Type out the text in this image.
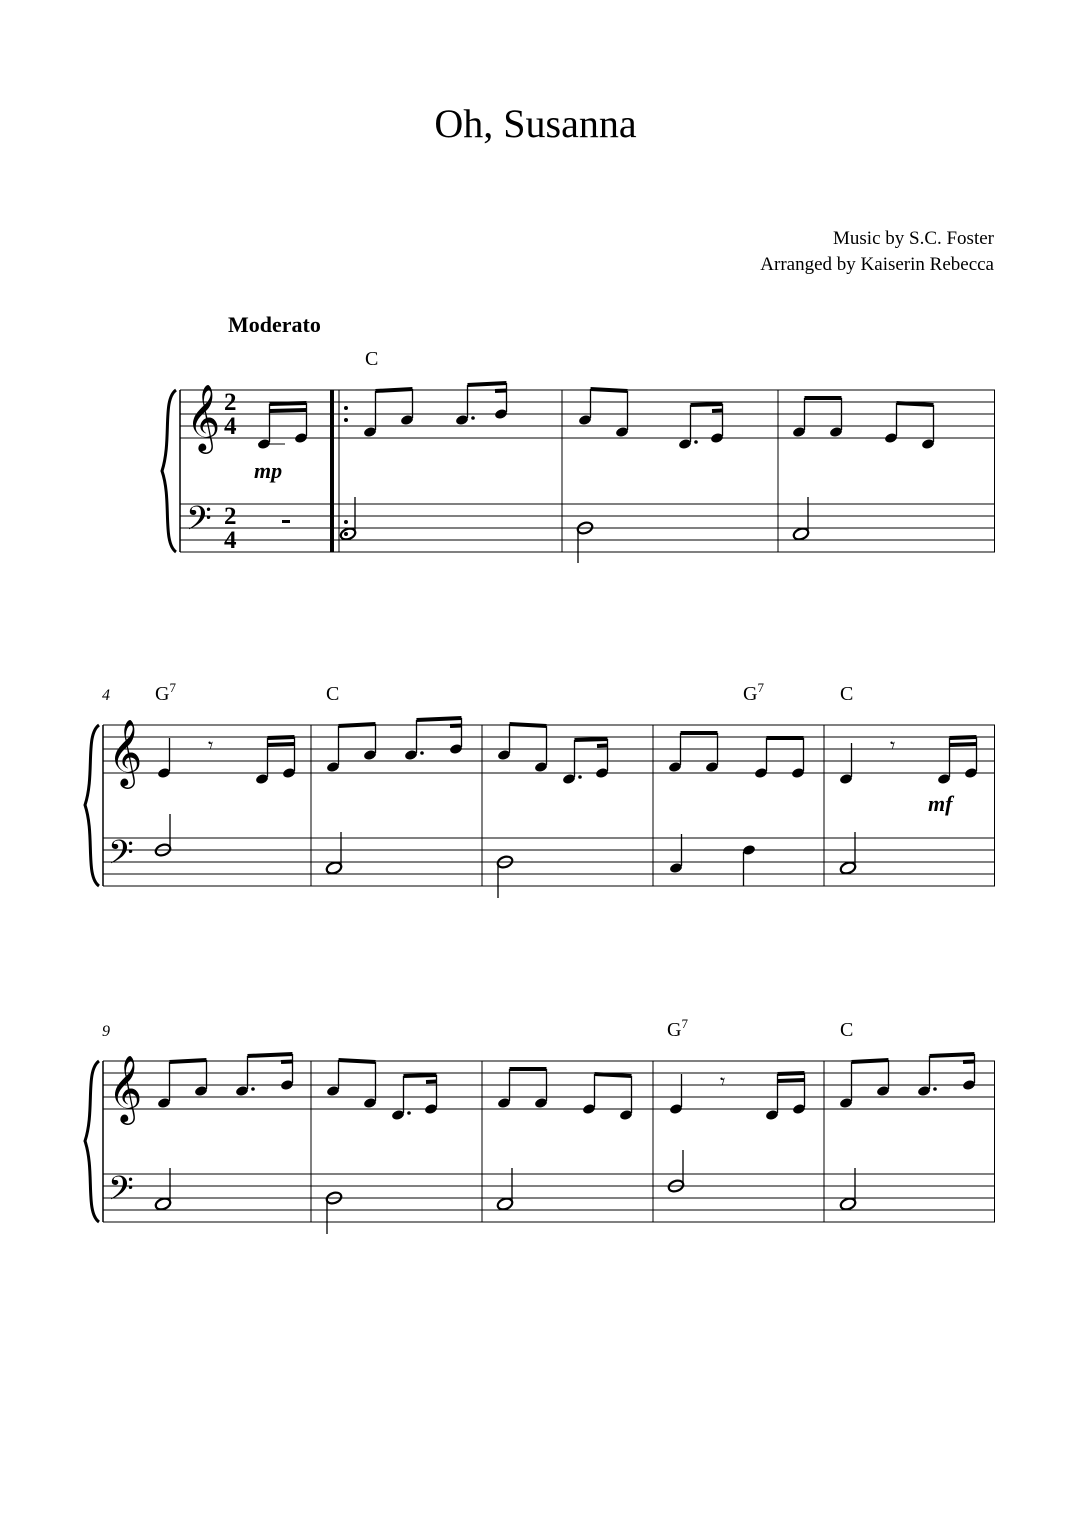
Oh, Susanna
Music by S.C. Foster
Arranged by Kaiserin Rebecca
Moderato
C
𝄞
𝄢
2
4
2
4
mp
4 $G^7$	C	$G^7$	C
𝄞
𝄢
𝄾	𝄾
mf
9	$G^7$	C
𝄞
𝄢
𝄾
